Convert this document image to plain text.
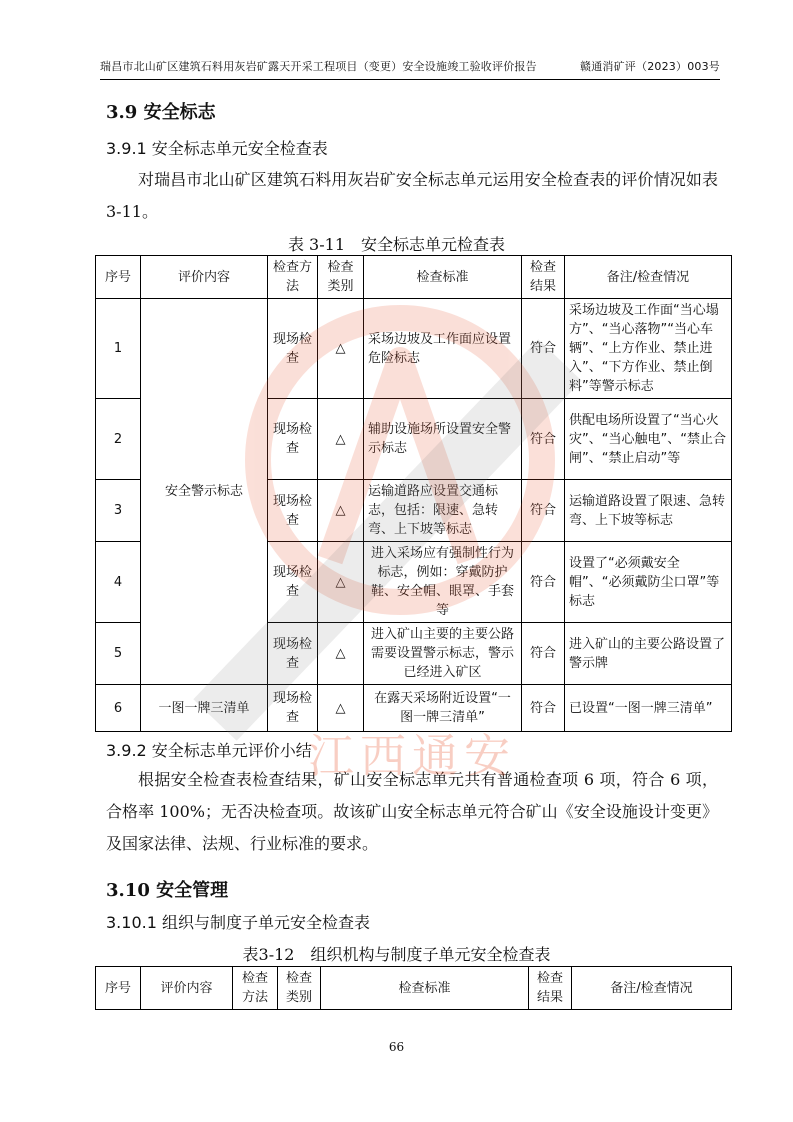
瑞昌市北山矿区建筑石料用灰岩矿露天开采工程项目（变更）安全设施竣工验收评价报告	赣通消矿评（2023）003号
3.9 安全标志
3.9.1 安全标志单元安全检查表
对瑞昌市北山矿区建筑石料用灰岩矿安全标志单元运用安全检查表的评价情况如表 3-11。
表 3-11　安全标志单元检查表
序号	评价内容	检查方法	检查类别	检查标准	检查结果	备注/检查情况
1	安全警示标志	现场检查	△	采场边坡及工作面应设置危险标志	符合	采场边坡及工作面“当心塌方”、“当心落物”“当心车辆”、“上方作业、禁止进入”、“下方作业、禁止倒料”等警示标志
2		现场检查	△	辅助设施场所设置安全警示标志	符合	供配电场所设置了“当心火灾”、“当心触电”、“禁止合闸”、“禁止启动”等
3		现场检查	△	运输道路应设置交通标志，包括：限速、急转弯、上下坡等标志	符合	运输道路设置了限速、急转弯、上下坡等标志
4		现场检查	△	进入采场应有强制性行为标志，例如：穿戴防护鞋、安全帽、眼罩、手套等	符合	设置了“必须戴安全帽”、“必须戴防尘口罩”等标志
5		现场检查	△	进入矿山主要的主要公路需要设置警示标志，警示已经进入矿区	符合	进入矿山的主要公路设置了警示牌
6	一图一牌三清单	现场检查	△	在露天采场附近设置“一图一牌三清单”	符合	已设置“一图一牌三清单”
3.9.2 安全标志单元评价小结
根据安全检查表检查结果，矿山安全标志单元共有普通检查项 6 项，符合 6 项，合格率 100%；无否决检查项。故该矿山安全标志单元符合矿山《安全设施设计变更》及国家法律、法规、行业标准的要求。
3.10 安全管理
3.10.1 组织与制度子单元安全检查表
表3-12　组织机构与制度子单元安全检查表
序号	评价内容	检查方法	检查类别	检查标准	检查结果	备注/检查情况
江西通安
66
